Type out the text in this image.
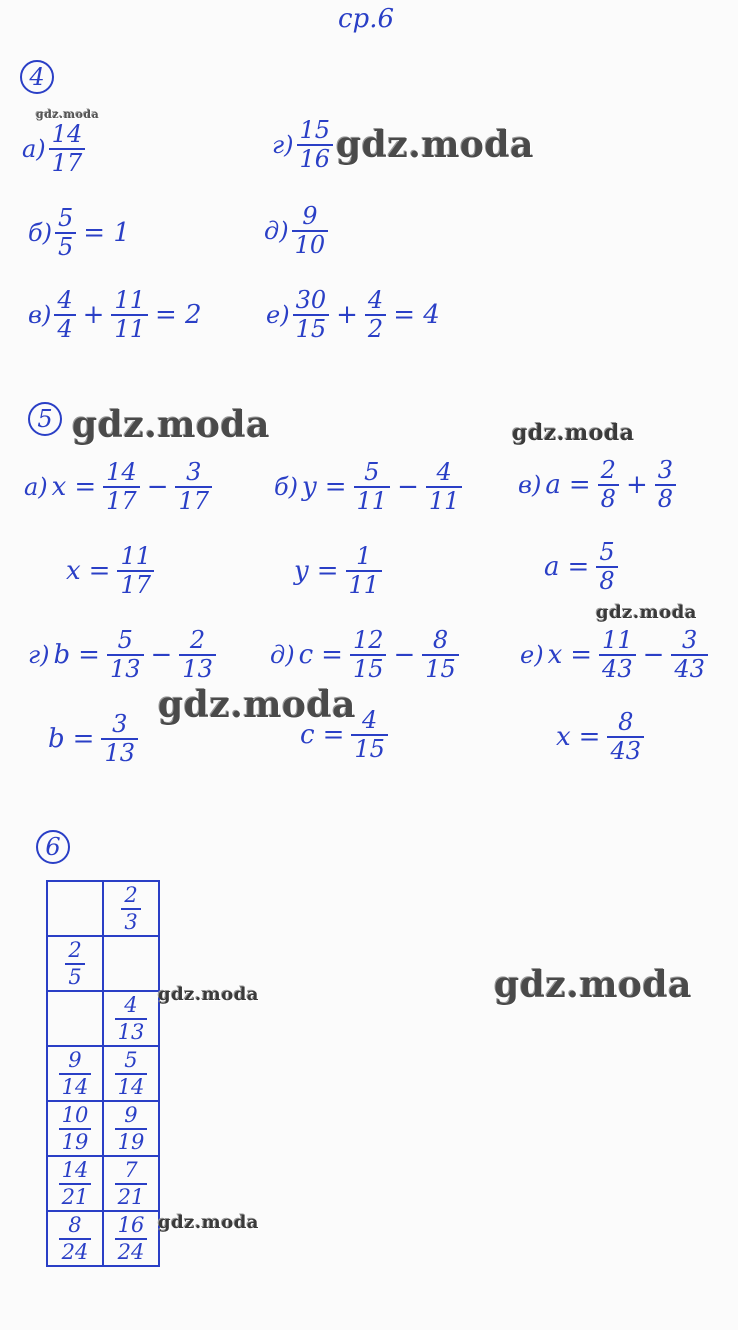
ср.6
4
gdz.moda
$а) \frac{14}{17}$	$г) \frac{15}{16}$ gdz.moda
$б) \frac{5}{5} = 1$	$д) \frac{9}{10}$
$в) \frac{4}{4} + \frac{11}{11} = 2$	$е) \frac{30}{15} + \frac{4}{2} = 4$
5 gdz.moda	gdz.moda
а) $x = \frac{14}{17} - \frac{3}{17}$	б) $y = \frac{5}{11} - \frac{4}{11} в$) $a = \frac{2}{8} + \frac{3}{8}$
$x = \frac{11}{17}$	$y = \frac{1}{11}$	$a = \frac{5}{8}$
gdz.moda
г) $b = \frac{5}{13} - \frac{2}{13} д$) $c = \frac{12}{15} - \frac{8}{15}$	е) $x = \frac{11}{43} - \frac{3}{43}$
gdz.moda
$b = \frac{3}{13}$	$c = \frac{4}{15}$	$x = \frac{8}{43}$
6

	$\frac{2}{3}$

$\frac{2}{5}$

	$\frac{4}{13}$

$\frac{9}{14}$	$\frac{5}{14}$

$\frac{10}{19}$	$\frac{9}{19}$

$\frac{14}{21}$	$\frac{7}{21}$

$\frac{8}{24}$	$\frac{16}{24}$
gdz.moda
gdz.moda
gdz.moda
